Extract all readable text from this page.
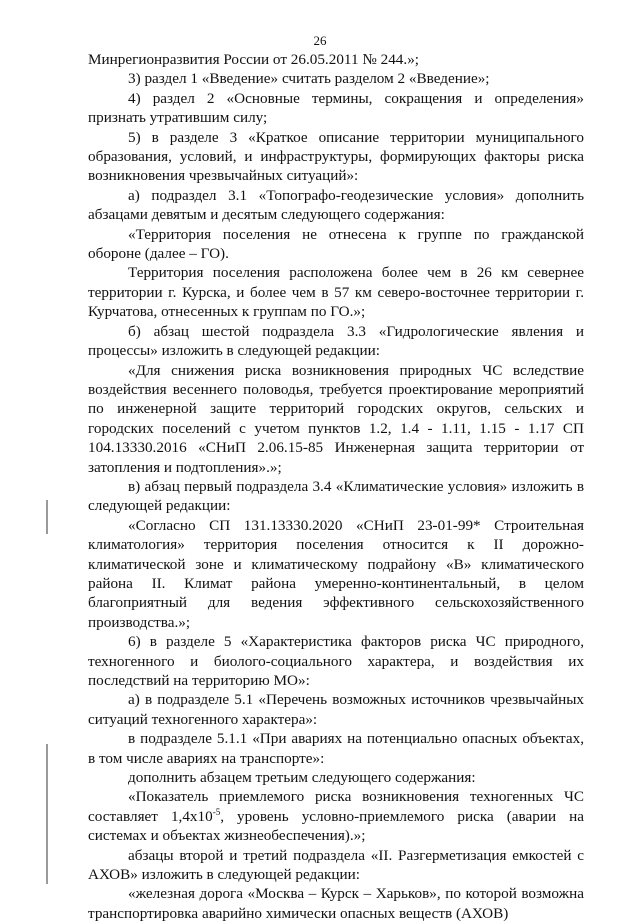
26

Минрегионразвития России от 26.05.2011 № 244.»;

3) раздел 1 «Введение» считать разделом 2 «Введение»;

4) раздел 2 «Основные термины, сокращения и определения» признать утратившим силу;

5) в разделе 3 «Краткое описание территории муниципального образования, условий, и инфраструктуры, формирующих факторы риска возникновения чрезвычайных ситуаций»:

а) подраздел 3.1 «Топографо-геодезические условия» дополнить абзацами девятым и десятым следующего содержания:

«Территория поселения не отнесена к группе по гражданской обороне (далее – ГО).

Территория поселения расположена более чем в 26 км севернее территории г. Курска, и более чем в 57 км северо-восточнее территории г. Курчатова, отнесенных к группам по ГО.»;

б) абзац шестой подраздела 3.3 «Гидрологические явления и процессы» изложить в следующей редакции:

«Для снижения риска возникновения природных ЧС вследствие воздействия весеннего половодья, требуется проектирование мероприятий по инженерной защите территорий городских округов, сельских и городских поселений с учетом пунктов 1.2, 1.4 - 1.11, 1.15 - 1.17 СП 104.13330.2016 «СНиП 2.06.15-85 Инженерная защита территории от затопления и подтопления».»;

в) абзац первый подраздела 3.4 «Климатические условия» изложить в следующей редакции:

«Согласно СП 131.13330.2020 «СНиП 23-01-99* Строительная климатология» территория поселения относится к II дорожно-климатической зоне и климатическому подрайону «В» климатического района II. Климат района умеренно-континентальный, в целом благоприятный для ведения эффективного сельскохозяйственного производства.»;

6) в разделе 5 «Характеристика факторов риска ЧС природного, техногенного и биолого-социального характера, и воздействия их последствий на территорию МО»:

а) в подразделе 5.1 «Перечень возможных источников чрезвычайных ситуаций техногенного характера»:

в подразделе 5.1.1 «При авариях на потенциально опасных объектах, в том числе авариях на транспорте»:

дополнить абзацем третьим следующего содержания:

«Показатель приемлемого риска возникновения техногенных ЧС составляет $1,4x10^{-5}$, уровень условно-приемлемого риска (аварии на системах и объектах жизнеобеспечения).»;

абзацы второй и третий подраздела «II. Разгерметизация емкостей с АХОВ» изложить в следующей редакции:

«железная дорога «Москва – Курск – Харьков», по которой возможна транспортировка аварийно химически опасных веществ (АХОВ)
